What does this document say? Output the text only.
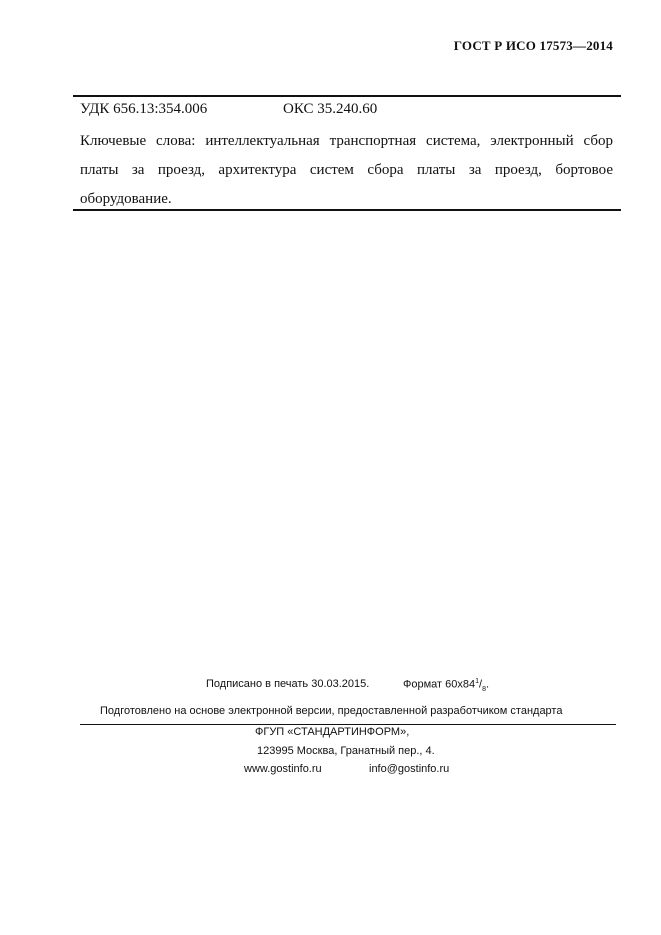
ГОСТ Р ИСО 17573—2014
УДК 656.13:354.006	ОКС 35.240.60
Ключевые слова: интеллектуальная транспортная система, электронный сбор платы за проезд, архитектура систем сбора платы за проезд, бортовое оборудование.
Подписано в печать 30.03.2015.	Формат $60х84^1/_8$.
Подготовлено на основе электронной версии, предоставленной разработчиком стандарта
ФГУП «СТАНДАРТИНФОРМ»,
123995 Москва, Гранатный пер., 4.
www.gostinfo.ru	info@gostinfo.ru
